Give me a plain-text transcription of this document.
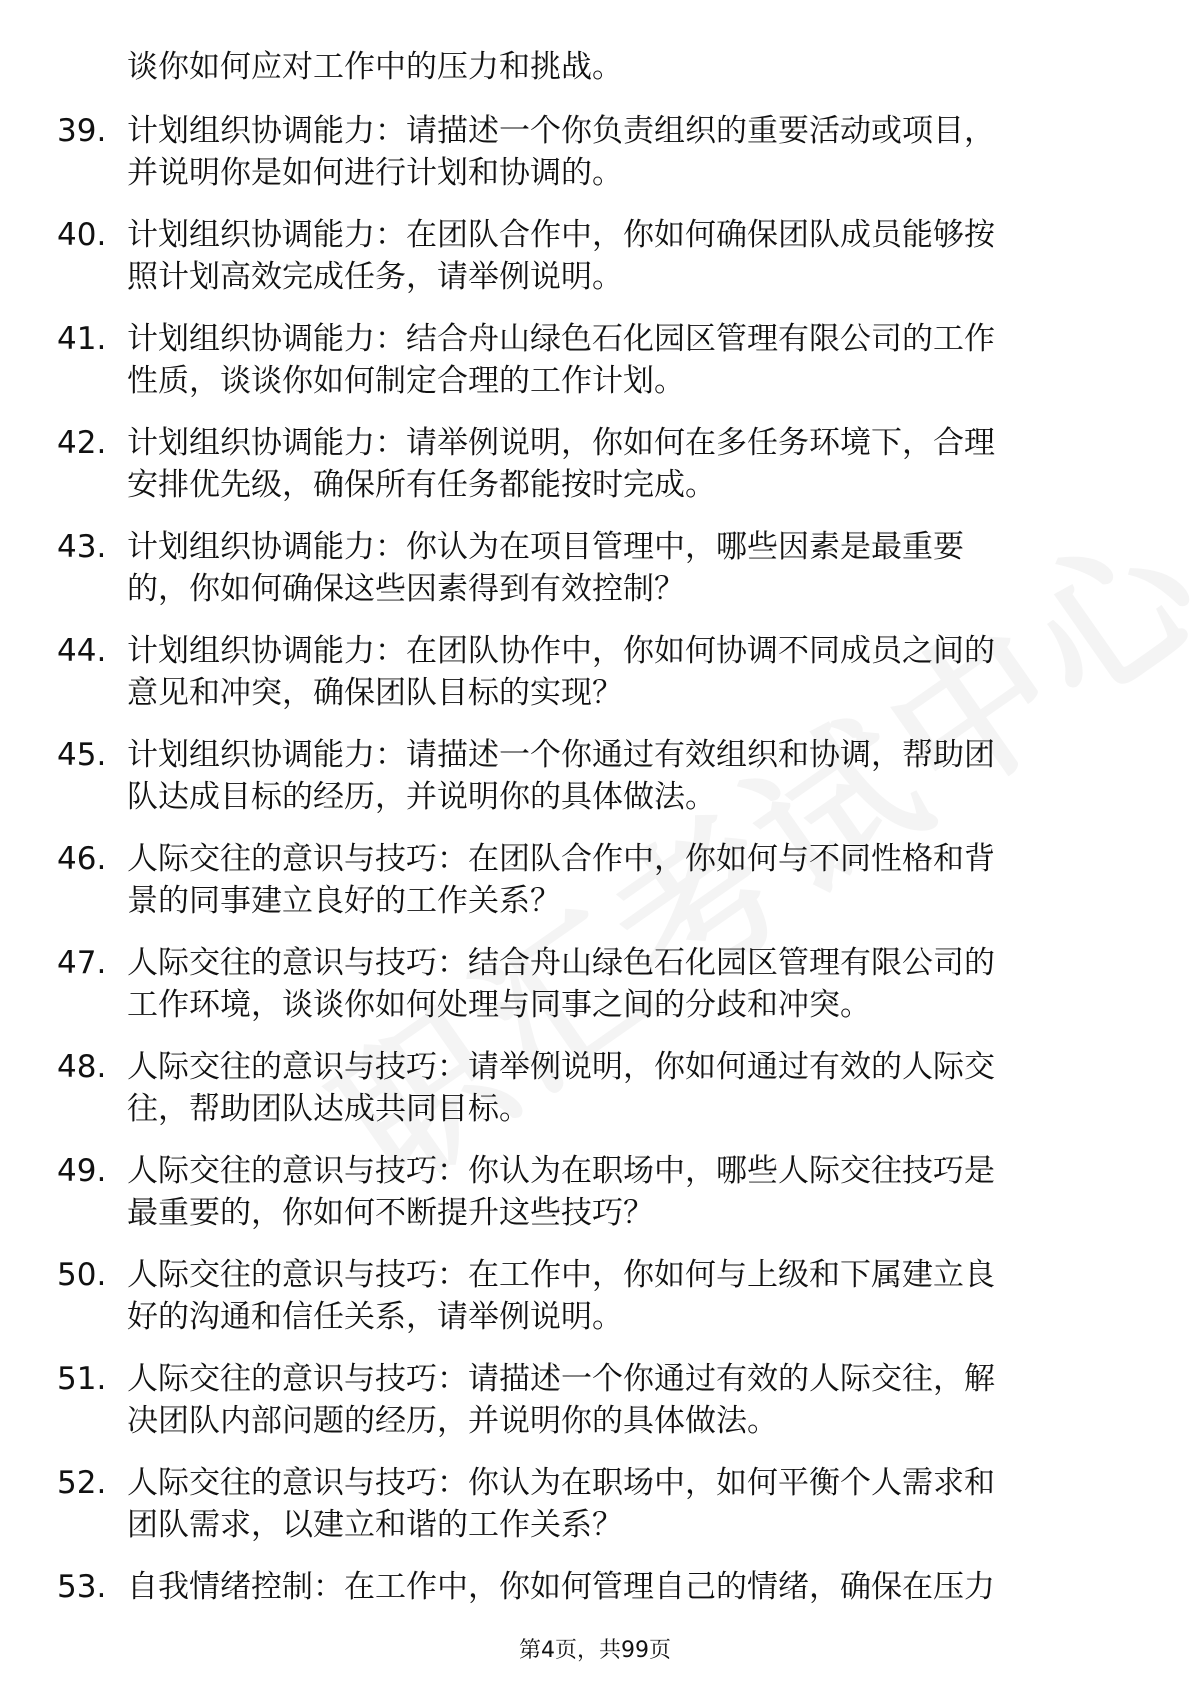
谈你如何应对工作中的压力和挑战。
39. 计划组织协调能力：请描述一个你负责组织的重要活动或项目，
并说明你是如何进行计划和协调的。
40. 计划组织协调能力：在团队合作中，你如何确保团队成员能够按
照计划高效完成任务，请举例说明。
41. 计划组织协调能力：结合舟山绿色石化园区管理有限公司的工作
性质，谈谈你如何制定合理的工作计划。
42. 计划组织协调能力：请举例说明，你如何在多任务环境下，合理
安排优先级，确保所有任务都能按时完成。
43. 计划组织协调能力：你认为在项目管理中，哪些因素是最重要
的，你如何确保这些因素得到有效控制？
44. 计划组织协调能力：在团队协作中，你如何协调不同成员之间的
意见和冲突，确保团队目标的实现？
45. 计划组织协调能力：请描述一个你通过有效组织和协调，帮助团
队达成目标的经历，并说明你的具体做法。
46. 人际交往的意识与技巧：在团队合作中，你如何与不同性格和背
景的同事建立良好的工作关系？
47. 人际交往的意识与技巧：结合舟山绿色石化园区管理有限公司的
工作环境，谈谈你如何处理与同事之间的分歧和冲突。
48. 人际交往的意识与技巧：请举例说明，你如何通过有效的人际交
往，帮助团队达成共同目标。
49. 人际交往的意识与技巧：你认为在职场中，哪些人际交往技巧是
最重要的，你如何不断提升这些技巧？
50. 人际交往的意识与技巧：在工作中，你如何与上级和下属建立良
好的沟通和信任关系，请举例说明。
51. 人际交往的意识与技巧：请描述一个你通过有效的人际交往，解
决团队内部问题的经历，并说明你的具体做法。
52. 人际交往的意识与技巧：你认为在职场中，如何平衡个人需求和
团队需求，以建立和谐的工作关系？
53. 自我情绪控制：在工作中，你如何管理自己的情绪，确保在压力
第4页，共99页
